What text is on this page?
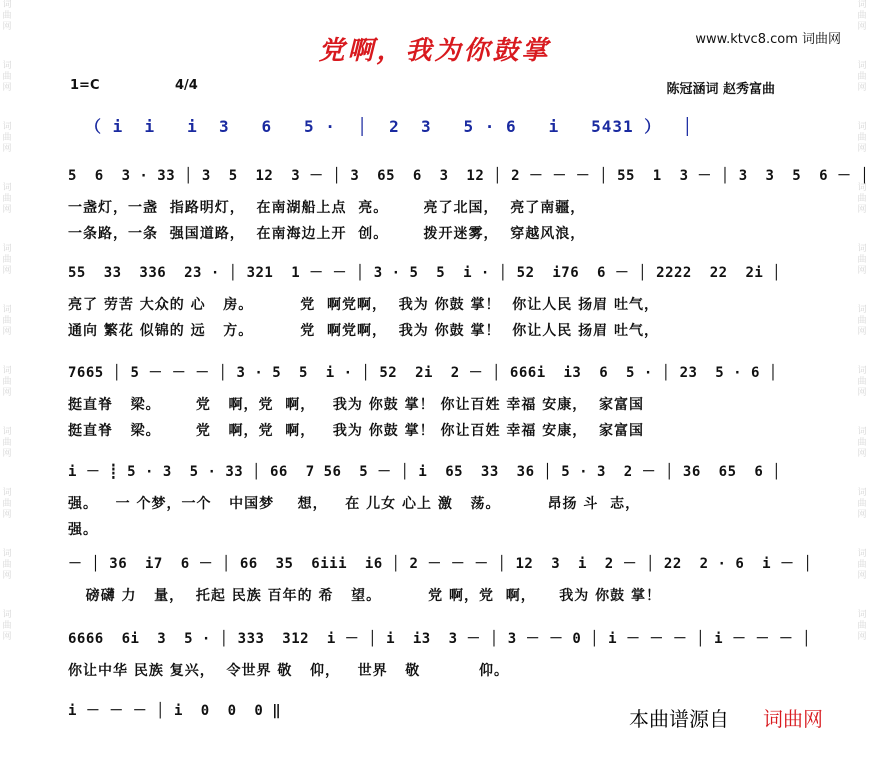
词曲网
词曲网
词曲网
词曲网
词曲网
词曲网
词曲网
词曲网
词曲网
词曲网
词曲网
词曲网
词曲网
词曲网
词曲网
词曲网
词曲网
词曲网
词曲网
词曲网
词曲网
词曲网
党啊，我为你鼓掌	www.ktvc8.com 词曲网
1=C	4/4	陈冠涵词 赵秀富曲
（ i  i   i  3   6   5 ·  │  2  3   5 · 6   i   5431 ）  │
5  6  3 · 33 │ 3  5  12  3 － │ 3  65  6  3  12 │ 2 － － － │ 55  1  3 － │ 3  3  5  6 － │
一盏灯，一盏  指路明灯，  在南湖船上点  亮。      亮了北国，  亮了南疆，
一条路，一条  强国道路，  在南海边上开  创。      拨开迷雾，  穿越风浪，
55  33  336  23 · │ 321  1 － － │ 3 · 5  5  i · │ 52  i76  6 － │ 2222  22  2i │
亮了 劳苦 大众的 心   房。        党  啊党啊，  我为 你鼓 掌！  你让人民 扬眉 吐气，
通向 繁花 似锦的 远   方。        党  啊党啊，  我为 你鼓 掌！  你让人民 扬眉 吐气，
7665 │ 5 － － － │ 3 · 5  5  i · │ 52  2i  2 － │ 666i  i3  6  5 · │ 23  5 · 6 │
挺直脊   梁。      党   啊，党  啊，   我为 你鼓 掌！ 你让百姓 幸福 安康，  家富国
挺直脊   梁。      党   啊，党  啊，   我为 你鼓 掌！ 你让百姓 幸福 安康，  家富国
i － ┋ 5 · 3  5 · 33 │ 66  7 56  5 － │ i  65  33  36 │ 5 · 3  2 － │ 36  65  6 │
强。   一 个梦，一个   中国梦    想，   在 儿女 心上 激   荡。        昂扬 斗  志，
强。
－ │ 36  i7  6 － │ 66  35  6iii  i6 │ 2 － － － │ 12  3  i  2 － │ 22  2 · 6  i － │
磅礴 力   量，  托起 民族 百年的 希   望。        党 啊，党  啊，    我为 你鼓 掌！
6666  6i  3  5 · │ 333  312  i － │ i  i3  3 － │ 3 － － 0 │ i － － － │ i － － － │
你让中华 民族 复兴，  令世界 敬   仰，   世界   敬          仰。
i － － － │ i  0  0  0 ‖	本曲谱源自 词曲网
